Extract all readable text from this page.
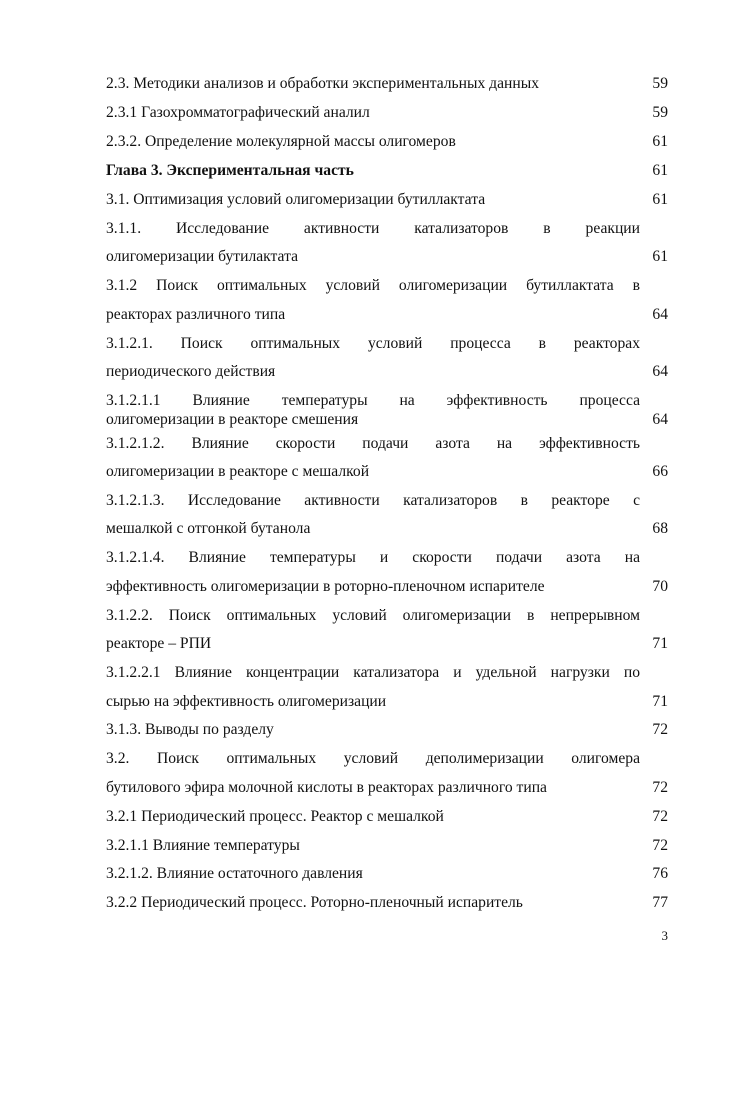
2.3. Методики анализов и обработки экспериментальных данных	59
2.3.1 Газохромматографический аналил	59
2.3.2. Определение молекулярной массы олигомеров	61
Глава 3. Экспериментальная часть	61
3.1. Оптимизация условий олигомеризации бутиллактата	61
3.1.1. Исследование активности катализаторов в реакции
олигомеризации бутилактата	61
3.1.2 Поиск оптимальных условий олигомеризации бутиллактата в
реакторах различного типа	64
3.1.2.1. Поиск оптимальных условий процесса в реакторах
периодического действия	64
3.1.2.1.1 Влияние температуры на эффективность процесса
олигомеризации в реакторе смешения	64
3.1.2.1.2. Влияние скорости подачи азота на эффективность
олигомеризации в реакторе с мешалкой	66
3.1.2.1.3. Исследование активности катализаторов в реакторе с
мешалкой с отгонкой бутанола	68
3.1.2.1.4. Влияние температуры и скорости подачи азота на
эффективность олигомеризации в роторно-пленочном испарителе	70
3.1.2.2. Поиск оптимальных условий олигомеризации в непрерывном
реакторе – РПИ	71
3.1.2.2.1 Влияние концентрации катализатора и удельной нагрузки по
сырью на эффективность олигомеризации	71
3.1.3. Выводы по разделу	72
3.2. Поиск оптимальных условий деполимеризации олигомера
бутилового эфира молочной кислоты в реакторах различного типа	72
3.2.1 Периодический процесс. Реактор с мешалкой	72
3.2.1.1 Влияние температуры	72
3.2.1.2. Влияние остаточного давления	76
3.2.2 Периодический процесс. Роторно-пленочный испаритель	77
3
